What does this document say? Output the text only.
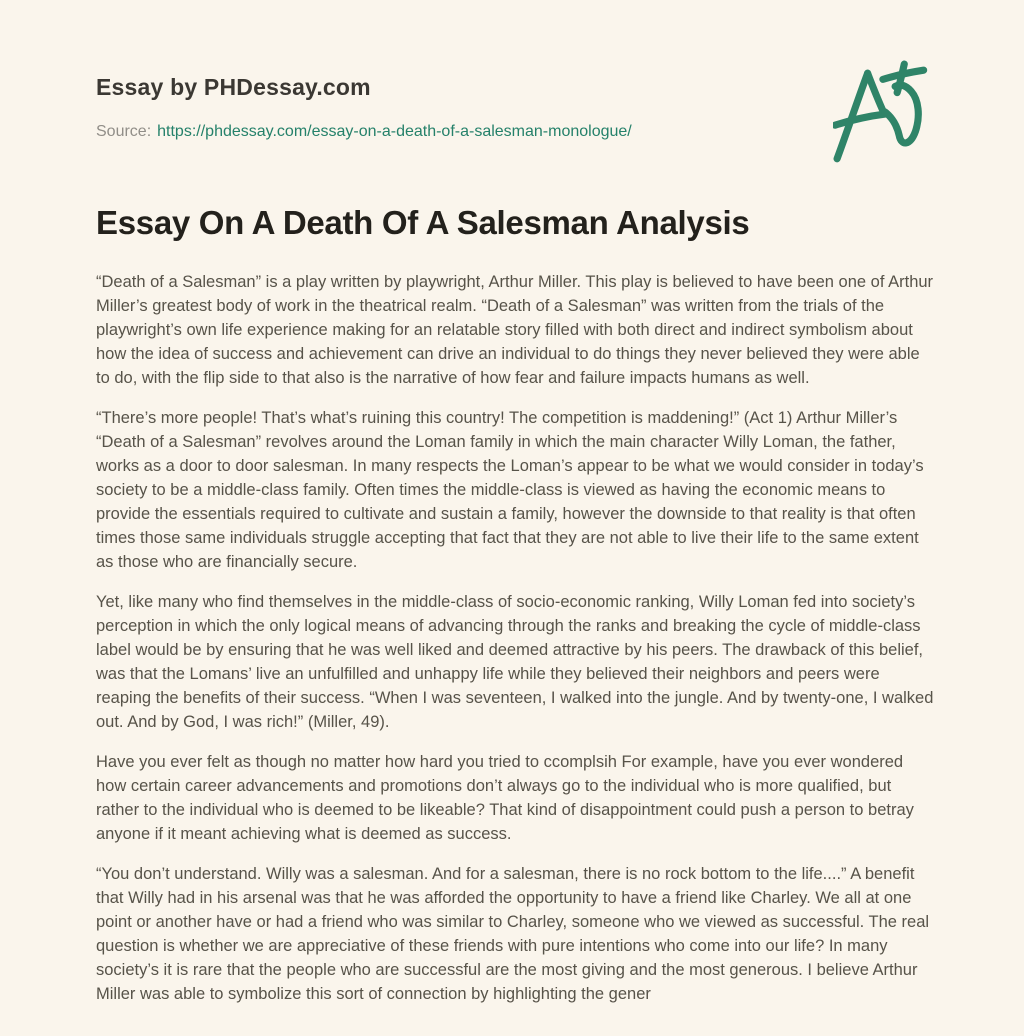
Essay by PHDessay.com
Source: https://phdessay.com/essay-on-a-death-of-a-salesman-monologue/
Essay On A Death Of A Salesman Analysis

“Death of a Salesman” is a play written by playwright, Arthur Miller. This play is believed to have been one of Arthur Miller’s greatest body of work in the theatrical realm. “Death of a Salesman” was written from the trials of the playwright’s own life experience making for an relatable story filled with both direct and indirect symbolism about how the idea of success and achievement can drive an individual to do things they never believed they were able to do, with the flip side to that also is the narrative of how fear and failure impacts humans as well.

“There’s more people! That’s what’s ruining this country! The competition is maddening!” (Act 1) Arthur Miller’s “Death of a Salesman” revolves around the Loman family in which the main character Willy Loman, the father, works as a door to door salesman. In many respects the Loman’s appear to be what we would consider in today’s society to be a middle-class family. Often times the middle-class is viewed as having the economic means to provide the essentials required to cultivate and sustain a family, however the downside to that reality is that often times those same individuals struggle accepting that fact that they are not able to live their life to the same extent as those who are financially secure.

Yet, like many who find themselves in the middle-class of socio-economic ranking, Willy Loman fed into society’s perception in which the only logical means of advancing through the ranks and breaking the cycle of middle-class label would be by ensuring that he was well liked and deemed attractive by his peers. The drawback of this belief, was that the Lomans’ live an unfulfilled and unhappy life while they believed their neighbors and peers were reaping the benefits of their success. “When I was seventeen, I walked into the jungle. And by twenty-one, I walked out. And by God, I was rich!” (Miller, 49).

Have you ever felt as though no matter how hard you tried to ccomplsih For example, have you ever wondered how certain career advancements and promotions don’t always go to the individual who is more qualified, but rather to the individual who is deemed to be likeable? That kind of disappointment could push a person to betray anyone if it meant achieving what is deemed as success.

“You don’t understand. Willy was a salesman. And for a salesman, there is no rock bottom to the life....” A benefit that Willy had in his arsenal was that he was afforded the opportunity to have a friend like Charley. We all at one point or another have or had a friend who was similar to Charley, someone who we viewed as successful. The real question is whether we are appreciative of these friends with pure intentions who come into our life? In many society’s it is rare that the people who are successful are the most giving and the most generous. I believe Arthur Miller was able to symbolize this sort of connection by highlighting the gener
